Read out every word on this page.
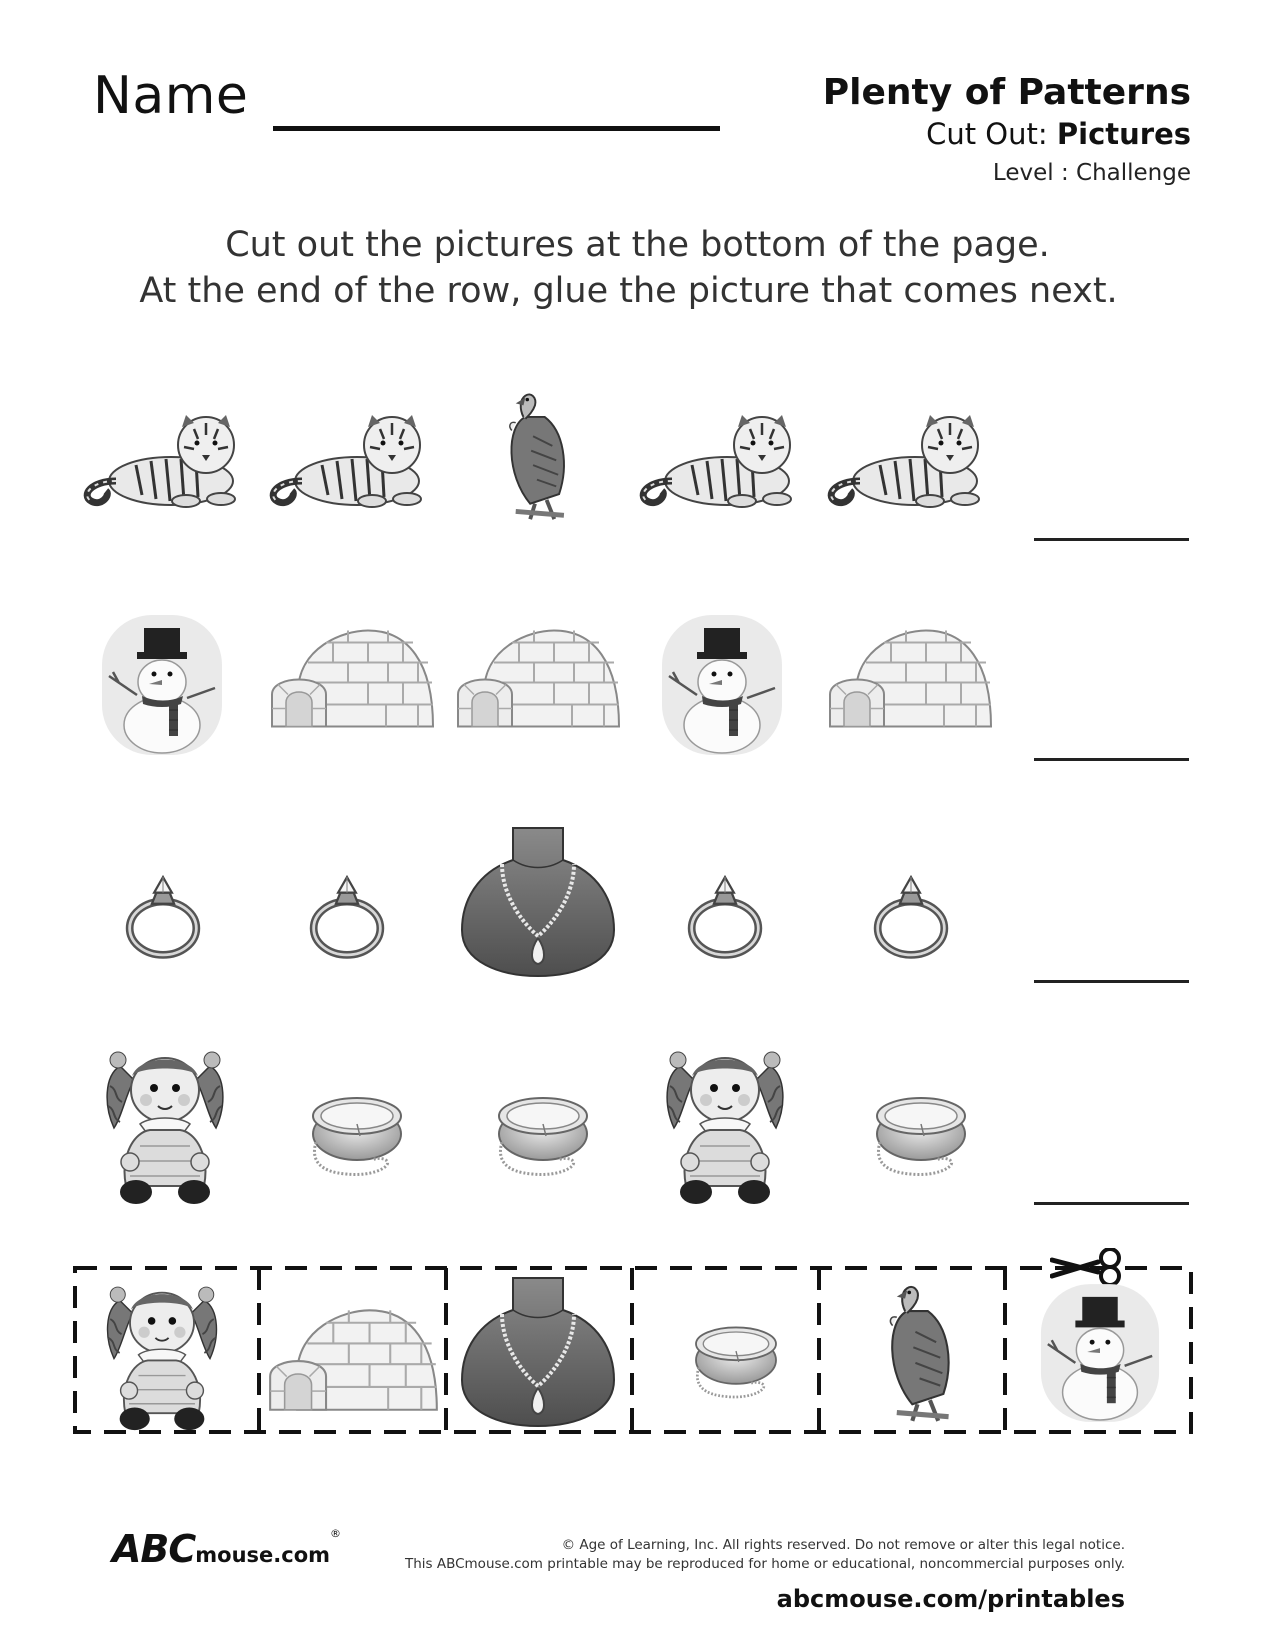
Name	Plenty of Patterns
Cut Out: Pictures
Level : Challenge
Cut out the pictures at the bottom of the page.
At the end of the row, glue the picture that comes next.
ABCmouse.com®
© Age of Learning, Inc. All rights reserved. Do not remove or alter this legal notice.
This ABCmouse.com printable may be reproduced for home or educational, noncommercial purposes only.
abcmouse.com/printables
